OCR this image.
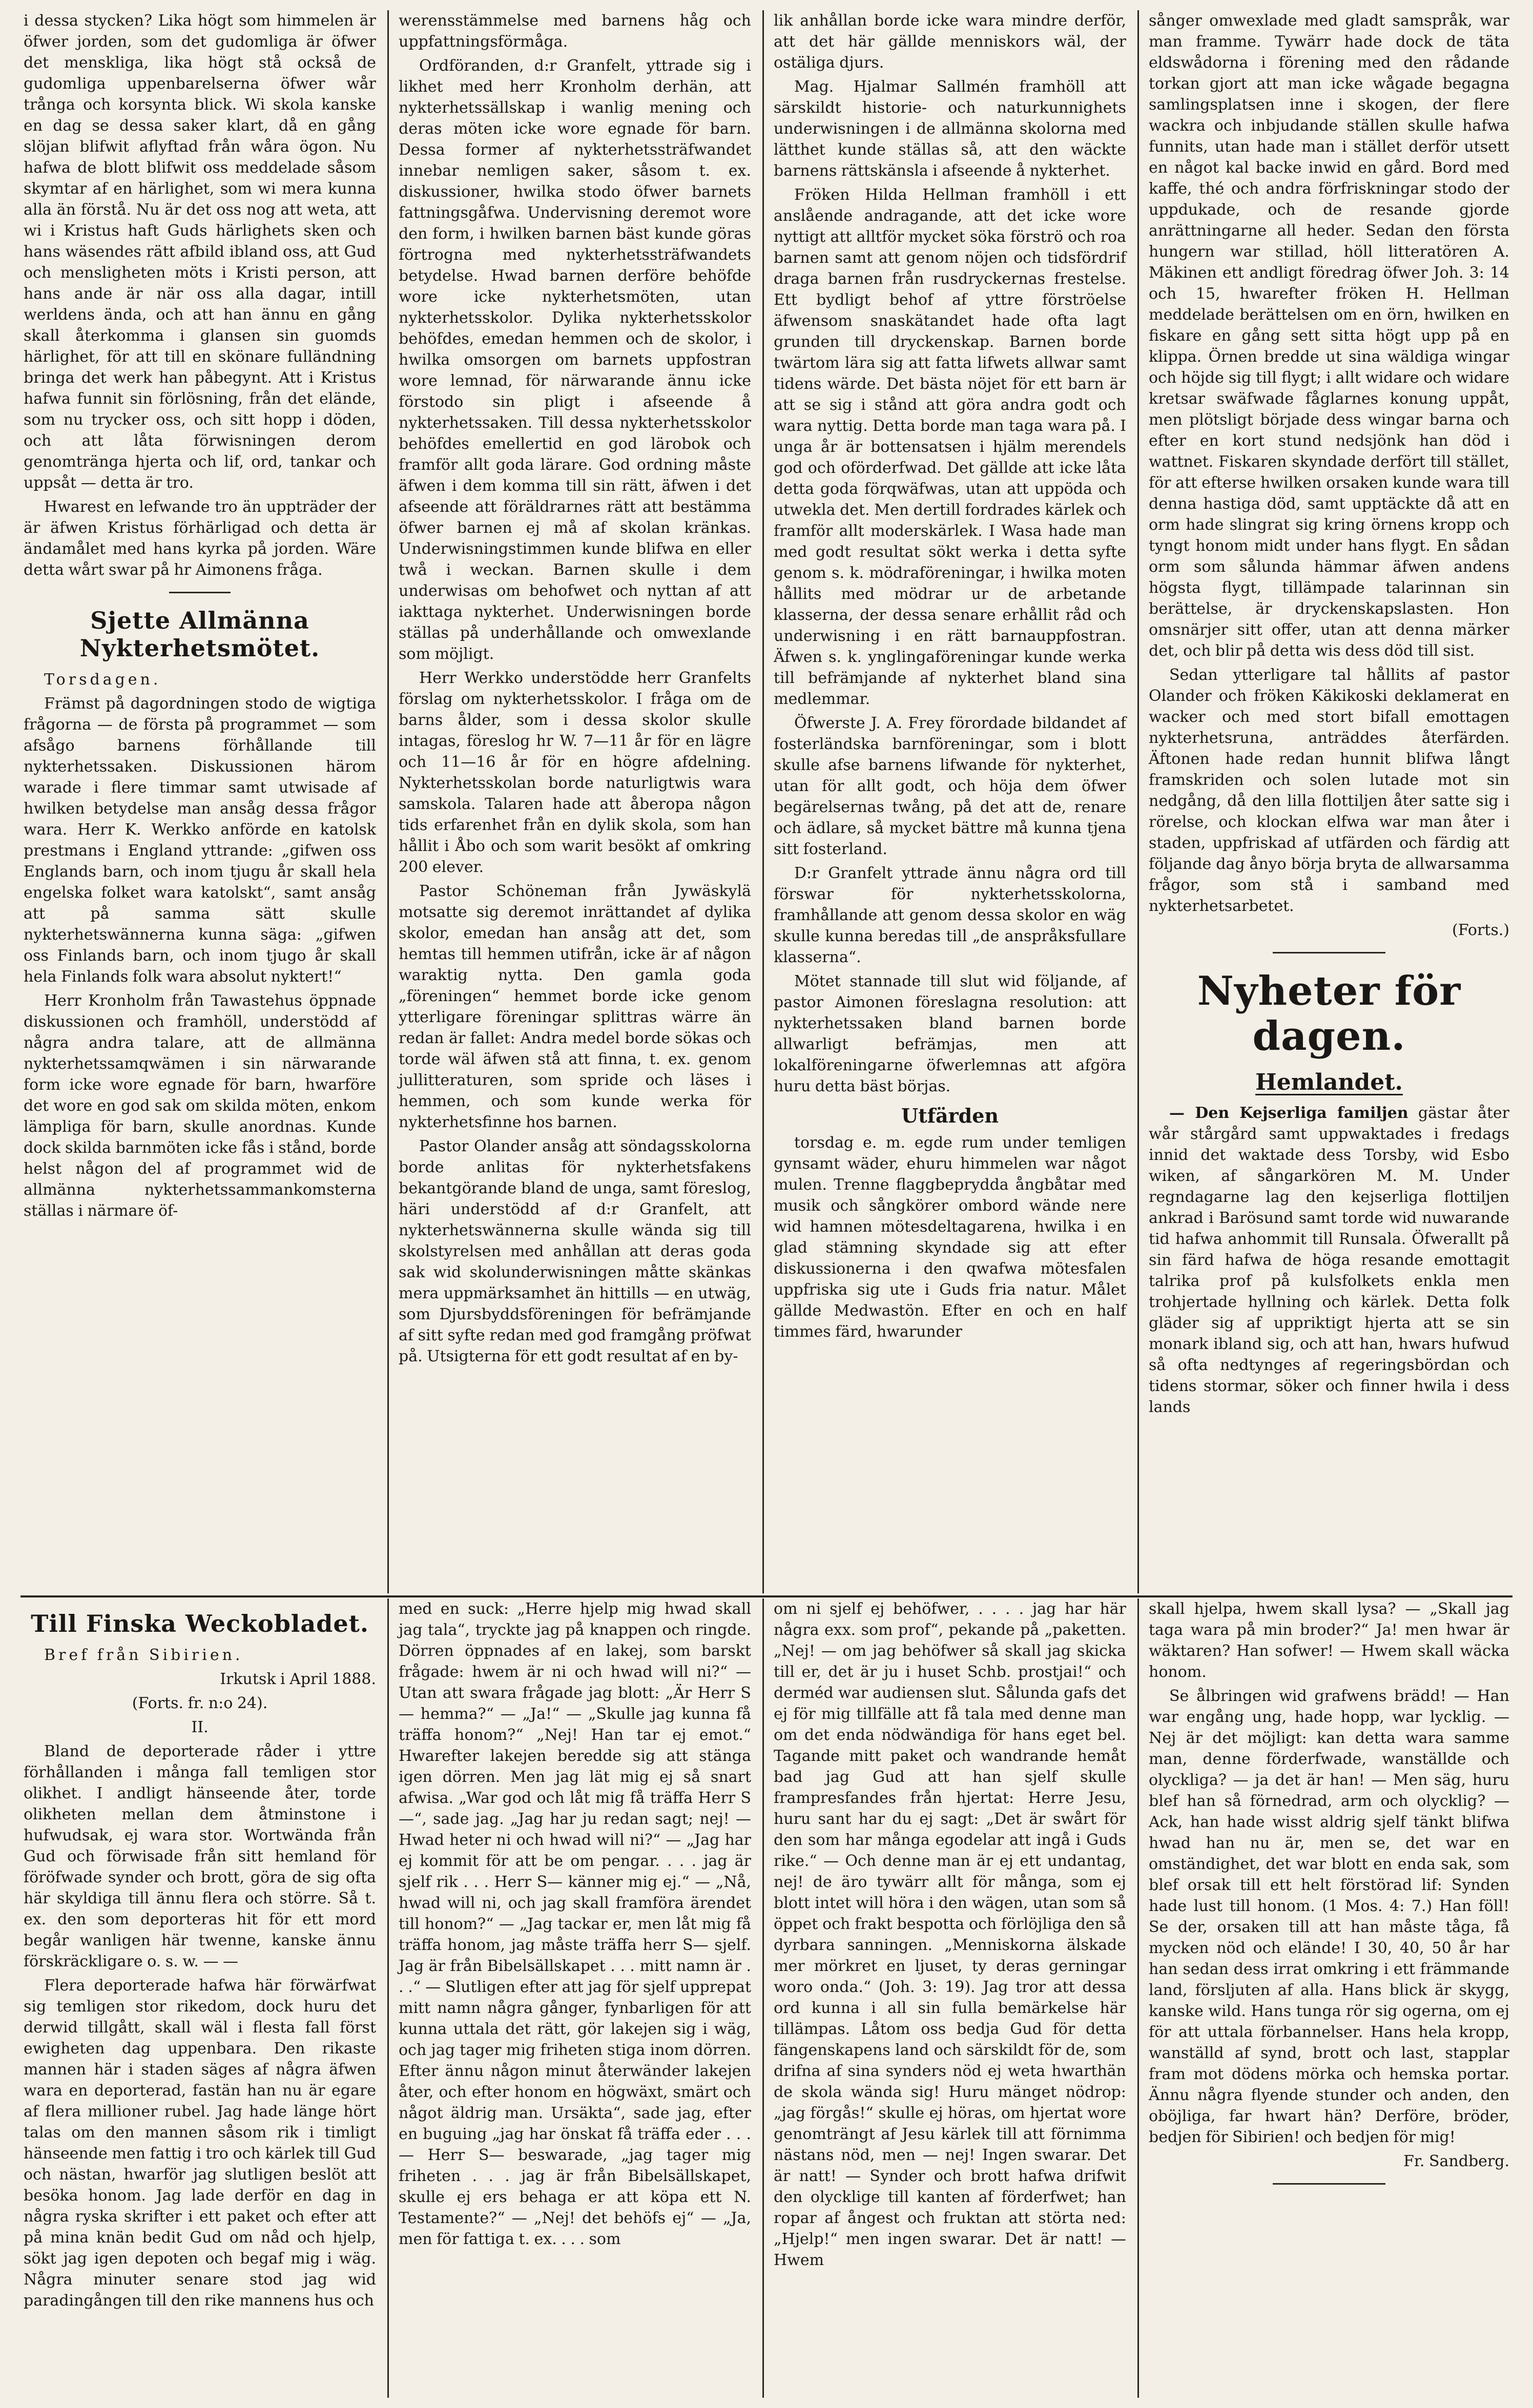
i dessa stycken? Lika högt som himmelen är öfwer jorden, som det gudomliga är öfwer det menskliga, lika högt stå också de gudomliga uppenbarelserna öfwer wår trånga och korsynta blick. Wi skola kanske en dag se dessa saker klart, då en gång slöjan blifwit aflyftad från wåra ögon. Nu hafwa de blott blifwit oss meddelade såsom skymtar af en härlighet, som wi mera kunna alla än förstå. Nu är det oss nog att weta, att wi i Kristus haft Guds härlighets sken och hans wäsendes rätt afbild ibland oss, att Gud och mensligheten möts i Kristi person, att hans ande är när oss alla dagar, intill werldens ända, och att han ännu en gång skall återkomma i glansen sin guomds härlighet, för att till en skönare fulländning bringa det werk han påbegynt. Att i Kristus hafwa funnit sin förlösning, från det elände, som nu trycker oss, och sitt hopp i döden, och att låta förwisningen derom genomtränga hjerta och lif, ord, tankar och uppsåt — detta är tro.

Hwarest en lefwande tro än uppträder der är äfwen Kristus förhärligad och detta är ändamålet med hans kyrka på jorden. Wäre detta wårt swar på hr Aimonens fråga.

Sjette Allmänna Nykterhetsmötet.

Torsdagen.

Främst på dagordningen stodo de wigtiga frågorna — de första på programmet — som afsågo barnens förhållande till nykterhetssaken. Diskussionen härom warade i flere timmar samt utwisade af hwilken betydelse man ansåg dessa frågor wara. Herr K. Werkko anförde en katolsk prestmans i England yttrande: „gifwen oss Englands barn, och inom tjugu år skall hela engelska folket wara katolskt“, samt ansåg att på samma sätt skulle nykterhetswännerna kunna säga: „gifwen oss Finlands barn, och inom tjugo år skall hela Finlands folk wara absolut nyktert!“

Herr Kronholm från Tawastehus öppnade diskussionen och framhöll, understödd af några andra talare, att de allmänna nykterhetssamqwämen i sin närwarande form icke wore egnade för barn, hwarföre det wore en god sak om skilda möten, enkom lämpliga för barn, skulle anordnas. Kunde dock skilda barnmöten icke fås i stånd, borde helst någon del af programmet wid de allmänna nykterhetssammankomsterna ställas i närmare öf-

werensstämmelse med barnens håg och uppfattningsförmåga.

Ordföranden, d:r Granfelt, yttrade sig i likhet med herr Kronholm derhän, att nykterhetssällskap i wanlig mening och deras möten icke wore egnade för barn. Dessa former af nykterhetssträfwandet innebar nemligen saker, såsom t. ex. diskussioner, hwilka stodo öfwer barnets fattningsgåfwa. Undervisning deremot wore den form, i hwilken barnen bäst kunde göras förtrogna med nykterhetssträfwandets betydelse. Hwad barnen derföre behöfde wore icke nykterhetsmöten, utan nykterhetsskolor. Dylika nykterhetsskolor behöfdes, emedan hemmen och de skolor, i hwilka omsorgen om barnets uppfostran wore lemnad, för närwarande ännu icke förstodo sin pligt i afseende å nykterhetssaken. Till dessa nykterhetsskolor behöfdes emellertid en god lärobok och framför allt goda lärare. God ordning måste äfwen i dem komma till sin rätt, äfwen i det afseende att föräldrarnes rätt att bestämma öfwer barnen ej må af skolan kränkas. Underwisningstimmen kunde blifwa en eller twå i weckan. Barnen skulle i dem underwisas om behofwet och nyttan af att iakttaga nykterhet. Underwisningen borde ställas på underhållande och omwexlande som möjligt.

Herr Werkko understödde herr Granfelts förslag om nykterhetsskolor. I fråga om de barns ålder, som i dessa skolor skulle intagas, föreslog hr W. 7—11 år för en lägre och 11—16 år för en högre afdelning. Nykterhetsskolan borde naturligtwis wara samskola. Talaren hade att åberopa någon tids erfarenhet från en dylik skola, som han hållit i Åbo och som warit besökt af omkring 200 elever.

Pastor Schöneman från Jywäskylä motsatte sig deremot inrättandet af dylika skolor, emedan han ansåg att det, som hemtas till hemmen utifrån, icke är af någon waraktig nytta. Den gamla goda „föreningen“ hemmet borde icke genom ytterligare föreningar splittras wärre än redan är fallet: Andra medel borde sökas och torde wäl äfwen stå att finna, t. ex. genom jullitteraturen, som spride och läses i hemmen, och som kunde werka för nykterhetsfinne hos barnen.

Pastor Olander ansåg att söndagsskolorna borde anlitas för nykterhetsfakens bekantgörande bland de unga, samt föreslog, häri understödd af d:r Granfelt, att nykterhetswännerna skulle wända sig till skolstyrelsen med anhållan att deras goda sak wid skolunderwisningen måtte skänkas mera uppmärksamhet än hittills — en utwäg, som Djursbyddsföreningen för befrämjande af sitt syfte redan med god framgång pröfwat på. Utsigterna för ett godt resultat af en by-

lik anhållan borde icke wara mindre derför, att det här gällde menniskors wäl, der ostäliga djurs.

Mag. Hjalmar Sallmén framhöll att särskildt historie- och naturkunnighets underwisningen i de allmänna skolorna med lätthet kunde ställas så, att den wäckte barnens rättskänsla i afseende å nykterhet.

Fröken Hilda Hellman framhöll i ett anslående andragande, att det icke wore nyttigt att alltför mycket söka förströ och roa barnen samt att genom nöjen och tidsfördrif draga barnen från rusdryckernas frestelse. Ett bydligt behof af yttre förströelse äfwensom snaskätandet hade ofta lagt grunden till dryckenskap. Barnen borde twärtom lära sig att fatta lifwets allwar samt tidens wärde. Det bästa nöjet för ett barn är att se sig i stånd att göra andra godt och wara nyttig. Detta borde man taga wara på. I unga år är bottensatsen i hjälm merendels god och oförderfwad. Det gällde att icke låta detta goda förqwäfwas, utan att uppöda och utwekla det. Men dertill fordrades kärlek och framför allt moderskärlek. I Wasa hade man med godt resultat sökt werka i detta syfte genom s. k. mödraföreningar, i hwilka moten hållits med mödrar ur de arbetande klasserna, der dessa senare erhållit råd och underwisning i en rätt barnauppfostran. Äfwen s. k. ynglingaföreningar kunde werka till befrämjande af nykterhet bland sina medlemmar.

Öfwerste J. A. Frey förordade bildandet af fosterländska barnföreningar, som i blott skulle afse barnens lifwande för nykterhet, utan för allt godt, och höja dem öfwer begärelsernas twång, på det att de, renare och ädlare, så mycket bättre må kunna tjena sitt fosterland.

D:r Granfelt yttrade ännu några ord till förswar för nykterhetsskolorna, framhållande att genom dessa skolor en wäg skulle kunna beredas till „de anspråksfullare klasserna“.

Mötet stannade till slut wid följande, af pastor Aimonen föreslagna resolution: att nykterhetssaken bland barnen borde allwarligt befrämjas, men att lokalföreningarne öfwerlemnas att afgöra huru detta bäst börjas.

Utfärden

torsdag e. m. egde rum under temligen gynsamt wäder, ehuru himmelen war något mulen. Trenne flaggbeprydda ångbåtar med musik och sångkörer ombord wände nere wid hamnen mötesdeltagarena, hwilka i en glad stämning skyndade sig att efter diskussionerna i den qwafwa mötesfalen uppfriska sig ute i Guds fria natur. Målet gällde Medwastön. Efter en och en half timmes färd, hwarunder

sånger omwexlade med gladt samspråk, war man framme. Tywärr hade dock de täta eldswådorna i förening med den rådande torkan gjort att man icke wågade begagna samlingsplatsen inne i skogen, der flere wackra och inbjudande ställen skulle hafwa funnits, utan hade man i stället derför utsett en något kal backe inwid en gård. Bord med kaffe, thé och andra förfriskningar stodo der uppdukade, och de resande gjorde anrättningarne all heder. Sedan den första hungern war stillad, höll litteratören A. Mäkinen ett andligt föredrag öfwer Joh. 3: 14 och 15, hwarefter fröken H. Hellman meddelade berättelsen om en örn, hwilken en fiskare en gång sett sitta högt upp på en klippa. Örnen bredde ut sina wäldiga wingar och höjde sig till flygt; i allt widare och widare kretsar swäfwade fåglarnes konung uppåt, men plötsligt började dess wingar barna och efter en kort stund nedsjönk han död i wattnet. Fiskaren skyndade derfört till stället, för att efterse hwilken orsaken kunde wara till denna hastiga död, samt upptäckte då att en orm hade slingrat sig kring örnens kropp och tyngt honom midt under hans flygt. En sådan orm som sålunda hämmar äfwen andens högsta flygt, tillämpade talarinnan sin berättelse, är dryckenskapslasten. Hon omsnärjer sitt offer, utan att denna märker det, och blir på detta wis dess död till sist.

Sedan ytterligare tal hållits af pastor Olander och fröken Käkikoski deklamerat en wacker och med stort bifall emottagen nykterhetsruna, anträddes återfärden. Äftonen hade redan hunnit blifwa långt framskriden och solen lutade mot sin nedgång, då den lilla flottiljen åter satte sig i rörelse, och klockan elfwa war man åter i staden, uppfriskad af utfärden och färdig att följande dag ånyo börja bryta de allwarsamma frågor, som stå i samband med nykterhetsarbetet.

(Forts.)

Nyheter för dagen.
Hemlandet.

— Den Kejserliga familjen gästar åter wår stårgård samt uppwaktades i fredags innid det waktade dess Torsby, wid Esbo wiken, af sångarkören M. M. Under regndagarne lag den kejserliga flottiljen ankrad i Barösund samt torde wid nuwarande tid hafwa anhommit till Runsala. Öfwerallt på sin färd hafwa de höga resande emottagit talrika prof på kulsfolkets enkla men trohjertade hyllning och kärlek. Detta folk gläder sig af uppriktigt hjerta att se sin monark ibland sig, och att han, hwars hufwud så ofta nedtynges af regeringsbördan och tidens stormar, söker och finner hwila i dess lands

Till Finska Weckobladet.

Bref från Sibirien.

Irkutsk i April 1888.

(Forts. fr. n:o 24).

II.

Bland de deporterade råder i yttre förhållanden i många fall temligen stor olikhet. I andligt hänseende åter, torde olikheten mellan dem åtminstone i hufwudsak, ej wara stor. Wortwända från Gud och förwisade från sitt hemland för föröfwade synder och brott, göra de sig ofta här skyldiga till ännu flera och större. Så t. ex. den som deporteras hit för ett mord begår wanligen här twenne, kanske ännu förskräckligare o. s. w. — —

Flera deporterade hafwa här förwärfwat sig temligen stor rikedom, dock huru det derwid tillgått, skall wäl i flesta fall först ewigheten dag uppenbara. Den rikaste mannen här i staden säges af några äfwen wara en deporterad, fastän han nu är egare af flera millioner rubel. Jag hade länge hört talas om den mannen såsom rik i timligt hänseende men fattig i tro och kärlek till Gud och nästan, hwarför jag slutligen beslöt att besöka honom. Jag lade derför en dag in några ryska skrifter i ett paket och efter att på mina knän bedit Gud om nåd och hjelp, sökt jag igen depoten och begaf mig i wäg. Några minuter senare stod jag wid paradingången till den rike mannens hus och

med en suck: „Herre hjelp mig hwad skall jag tala“, tryckte jag på knappen och ringde. Dörren öppnades af en lakej, som barskt frågade: hwem är ni och hwad will ni?“ — Utan att swara frågade jag blott: „Är Herr S— hemma?“ — „Ja!“ — „Skulle jag kunna få träffa honom?“ „Nej! Han tar ej emot.“ Hwarefter lakejen beredde sig att stänga igen dörren. Men jag lät mig ej så snart afwisa. „War god och låt mig få träffa Herr S—“, sade jag. „Jag har ju redan sagt; nej! — Hwad heter ni och hwad will ni?“ — „Jag har ej kommit för att be om pengar. . . . jag är sjelf rik . . . Herr S— känner mig ej.“ — „Nå, hwad will ni, och jag skall framföra ärendet till honom?“ — „Jag tackar er, men låt mig få träffa honom, jag måste träffa herr S— sjelf. Jag är från Bibelsällskapet . . . mitt namn är . . .“ — Slutligen efter att jag för sjelf upprepat mitt namn några gånger, fynbarligen för att kunna uttala det rätt, gör lakejen sig i wäg, och jag tager mig friheten stiga inom dörren. Efter ännu någon minut återwänder lakejen åter, och efter honom en högwäxt, smärt och något äldrig man. Ursäkta“, sade jag, efter en buguing „jag har önskat få träffa eder . . . — Herr S— beswarade, „jag tager mig friheten . . . jag är från Bibelsällskapet, skulle ej ers behaga er att köpa ett N. Testamente?“ — „Nej! det behöfs ej“ — „Ja, men för fattiga t. ex. . . . som

om ni sjelf ej behöfwer, . . . . jag har här några exx. som prof“, pekande på „paketten. „Nej! — om jag behöfwer så skall jag skicka till er, det är ju i huset Schb. prostjai!“ och derméd war audiensen slut. Sålunda gafs det ej för mig tillfälle att få tala med denne man om det enda nödwändiga för hans eget bel. Tagande mitt paket och wandrande hemåt bad jag Gud att han sjelf skulle frampresfandes från hjertat: Herre Jesu, huru sant har du ej sagt: „Det är swårt för den som har många egodelar att ingå i Guds rike.“ — Och denne man är ej ett undantag, nej! de äro tywärr allt för många, som ej blott intet will höra i den wägen, utan som så öppet och frakt bespotta och förlöjliga den så dyrbara sanningen. „Menniskorna älskade mer mörkret en ljuset, ty deras gerningar woro onda.“ (Joh. 3: 19). Jag tror att dessa ord kunna i all sin fulla bemärkelse här tillämpas. Låtom oss bedja Gud för detta fängenskapens land och särskildt för de, som drifna af sina synders nöd ej weta hwarthän de skola wända sig! Huru mänget nödrop: „jag förgås!“ skulle ej höras, om hjertat wore genomträngt af Jesu kärlek till att förnimma nästans nöd, men — nej! Ingen swarar. Det är natt! — Synder och brott hafwa drifwit den olycklige till kanten af förderfwet; han ropar af ångest och fruktan att störta ned: „Hjelp!“ men ingen swarar. Det är natt! — Hwem

skall hjelpa, hwem skall lysa? — „Skall jag taga wara på min broder?“ Ja! men hwar är wäktaren? Han sofwer! — Hwem skall wäcka honom.

Se ålbringen wid grafwens brädd! — Han war engång ung, hade hopp, war lycklig. — Nej är det möjligt: kan detta wara samme man, denne förderfwade, wanställde och olyckliga? — ja det är han! — Men säg, huru blef han så förnedrad, arm och olycklig? — Ack, han hade wisst aldrig sjelf tänkt blifwa hwad han nu är, men se, det war en omständighet, det war blott en enda sak, som blef orsak till ett helt förstörad lif: Synden hade lust till honom. (1 Mos. 4: 7.) Han föll! Se der, orsaken till att han måste tåga, få mycken nöd och elände! I 30, 40, 50 år har han sedan dess irrat omkring i ett främmande land, försljuten af alla. Hans blick är skygg, kanske wild. Hans tunga rör sig ogerna, om ej för att uttala förbannelser. Hans hela kropp, wanställd af synd, brott och last, stapplar fram mot dödens mörka och hemska portar. Ännu några flyende stunder och anden, den oböjliga, far hwart hän? Derföre, bröder, bedjen för Sibirien! och bedjen för mig!

Fr. Sandberg.
